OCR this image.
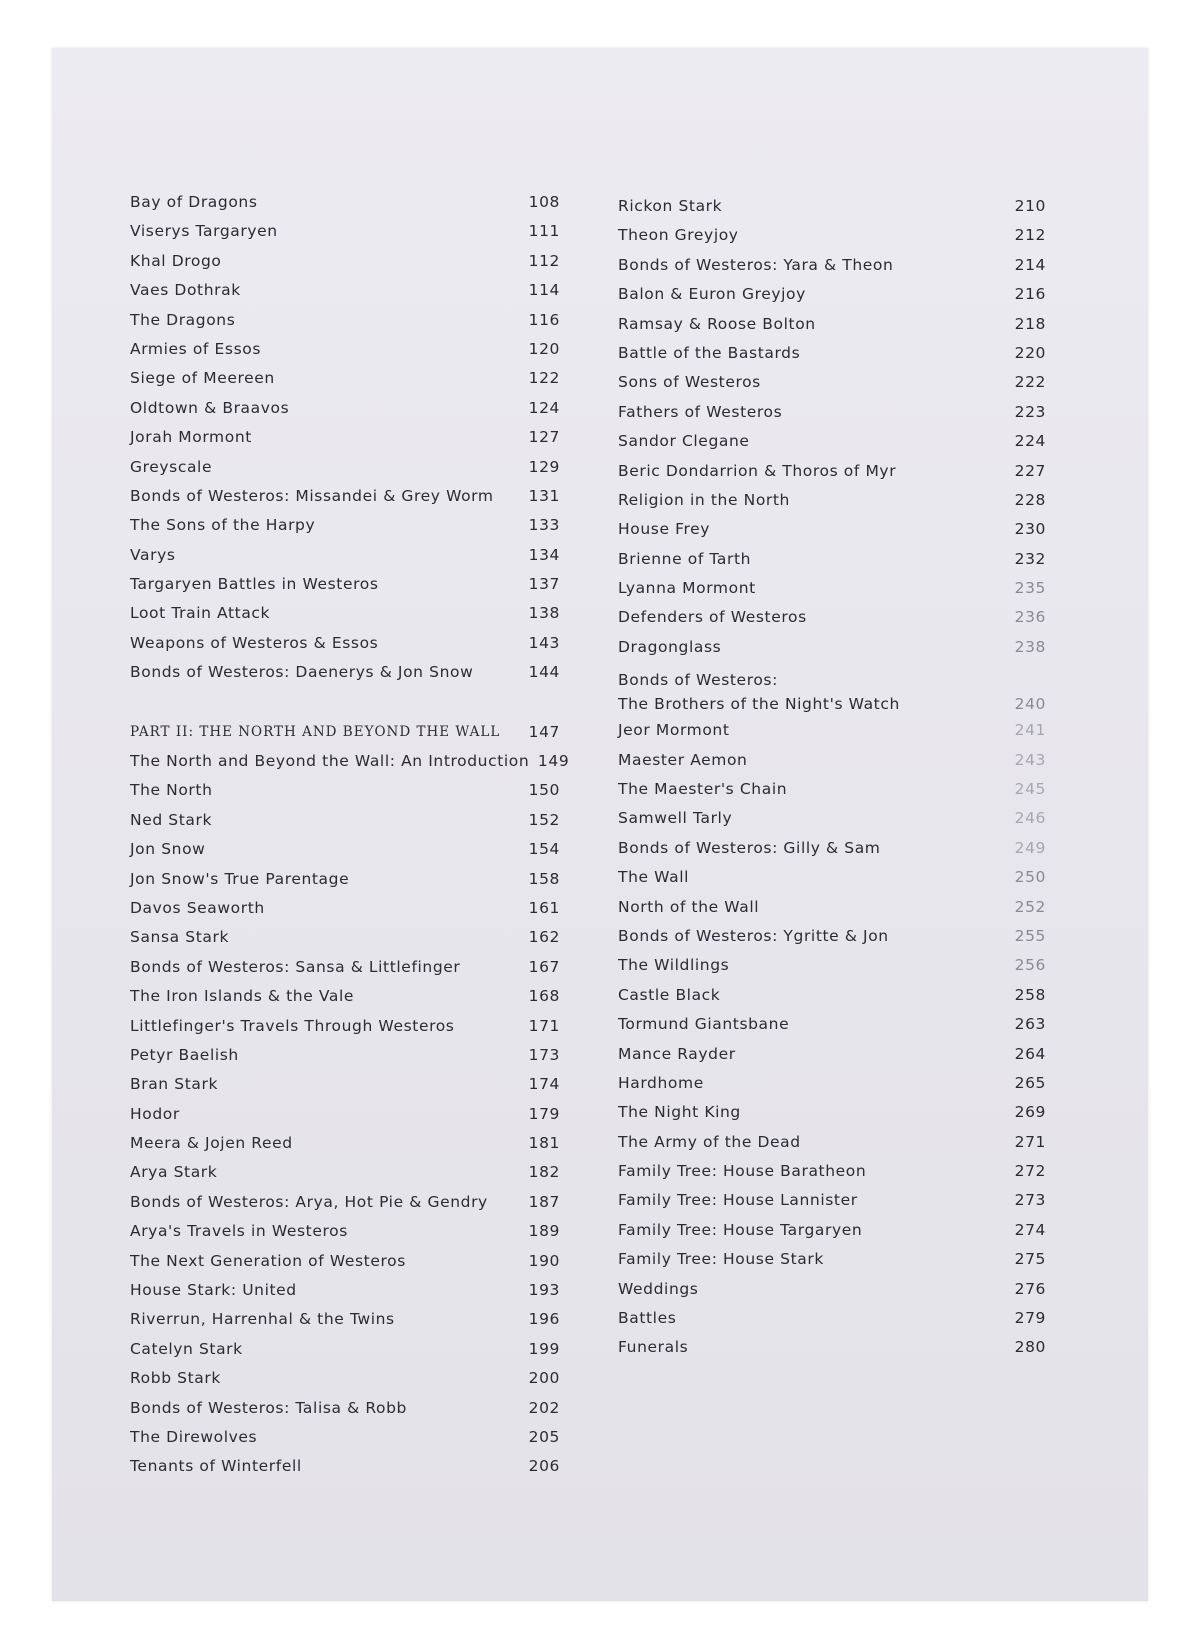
Bay of Dragons	108
Viserys Targaryen	111
Khal Drogo	112
Vaes Dothrak	114
The Dragons	116
Armies of Essos	120
Siege of Meereen	122
Oldtown & Braavos	124
Jorah Mormont	127
Greyscale	129
Bonds of Westeros: Missandei & Grey Worm	131
The Sons of the Harpy	133
Varys	134
Targaryen Battles in Westeros	137
Loot Train Attack	138
Weapons of Westeros & Essos	143
Bonds of Westeros: Daenerys & Jon Snow	144
PART II: THE NORTH AND BEYOND THE WALL	147
The North and Beyond the Wall: An Introduction 149
The North	150
Ned Stark	152
Jon Snow	154
Jon Snow's True Parentage	158
Davos Seaworth	161
Sansa Stark	162
Bonds of Westeros: Sansa & Littlefinger	167
The Iron Islands & the Vale	168
Littlefinger's Travels Through Westeros	171
Petyr Baelish	173
Bran Stark	174
Hodor	179
Meera & Jojen Reed	181
Arya Stark	182
Bonds of Westeros: Arya, Hot Pie & Gendry	187
Arya's Travels in Westeros	189
The Next Generation of Westeros	190
House Stark: United	193
Riverrun, Harrenhal & the Twins	196
Catelyn Stark	199
Robb Stark	200
Bonds of Westeros: Talisa & Robb	202
The Direwolves	205
Tenants of Winterfell	206
Rickon Stark	210
Theon Greyjoy	212
Bonds of Westeros: Yara & Theon	214
Balon & Euron Greyjoy	216
Ramsay & Roose Bolton	218
Battle of the Bastards	220
Sons of Westeros	222
Fathers of Westeros	223
Sandor Clegane	224
Beric Dondarrion & Thoros of Myr	227
Religion in the North	228
House Frey	230
Brienne of Tarth	232
Lyanna Mormont	235
Defenders of Westeros	236
Dragonglass	238
Bonds of Westeros:
The Brothers of the Night's Watch	240
Jeor Mormont	241
Maester Aemon	243
The Maester's Chain	245
Samwell Tarly	246
Bonds of Westeros: Gilly & Sam	249
The Wall	250
North of the Wall	252
Bonds of Westeros: Ygritte & Jon	255
The Wildlings	256
Castle Black	258
Tormund Giantsbane	263
Mance Rayder	264
Hardhome	265
The Night King	269
The Army of the Dead	271
Family Tree: House Baratheon	272
Family Tree: House Lannister	273
Family Tree: House Targaryen	274
Family Tree: House Stark	275
Weddings	276
Battles	279
Funerals	280
